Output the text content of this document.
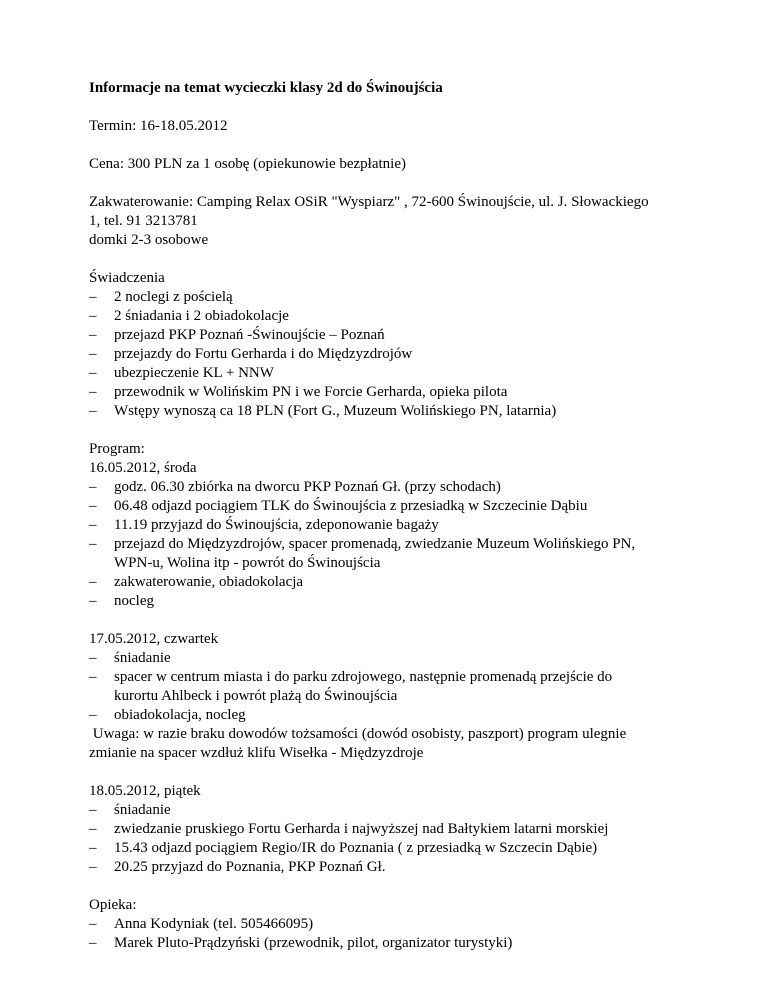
Informacje na temat wycieczki klasy 2d do Świnoujścia
Termin: 16-18.05.2012
Cena: 300 PLN za 1 osobę (opiekunowie bezpłatnie)
Zakwaterowanie: Camping Relax OSiR "Wyspiarz" , 72-600 Świnoujście, ul. J. Słowackiego
1, tel. 91 3213781
domki 2-3 osobowe
Świadczenia
– 2 noclegi z pościelą
– 2 śniadania i 2 obiadokolacje
– przejazd PKP Poznań -Świnoujście – Poznań
– przejazdy do Fortu Gerharda i do Międzyzdrojów
– ubezpieczenie KL + NNW
– przewodnik w Wolińskim PN i we Forcie Gerharda, opieka pilota
– Wstępy wynoszą ca 18 PLN (Fort G., Muzeum Wolińskiego PN, latarnia)
Program:
16.05.2012, środa
– godz. 06.30 zbiórka na dworcu PKP Poznań Gł. (przy schodach)
– 06.48 odjazd pociągiem TLK do Świnoujścia z przesiadką w Szczecinie Dąbiu
– 11.19 przyjazd do Świnoujścia, zdeponowanie bagaży
– przejazd do Międzyzdrojów, spacer promenadą, zwiedzanie Muzeum Wolińskiego PN,
WPN-u, Wolina itp - powrót do Świnoujścia
– zakwaterowanie, obiadokolacja
– nocleg
17.05.2012, czwartek
– śniadanie
– spacer w centrum miasta i do parku zdrojowego, następnie promenadą przejście do
kurortu Ahlbeck i powrót plażą do Świnoujścia
– obiadokolacja, nocleg
Uwaga: w razie braku dowodów tożsamości (dowód osobisty, paszport) program ulegnie
zmianie na spacer wzdłuż klifu Wisełka - Międzyzdroje
18.05.2012, piątek
– śniadanie
– zwiedzanie pruskiego Fortu Gerharda i najwyższej nad Bałtykiem latarni morskiej
– 15.43 odjazd pociągiem Regio/IR do Poznania ( z przesiadką w Szczecin Dąbie)
– 20.25 przyjazd do Poznania, PKP Poznań Gł.
Opieka:
– Anna Kodyniak (tel. 505466095)
– Marek Pluto-Prądzyński (przewodnik, pilot, organizator turystyki)
